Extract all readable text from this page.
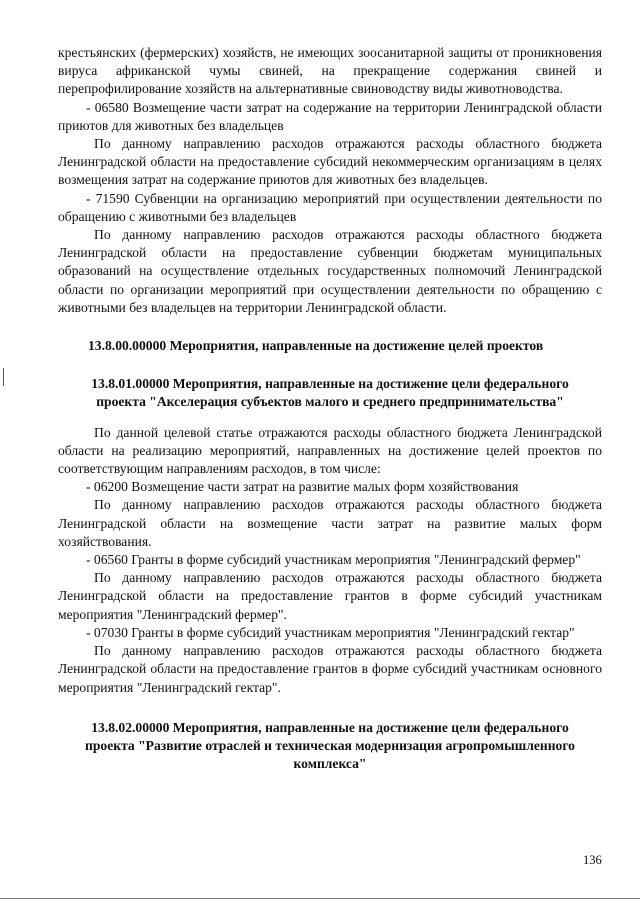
крестьянских (фермерских) хозяйств, не имеющих зоосанитарной защиты от проникновения вируса африканской чумы свиней, на прекращение содержания свиней и перепрофилирование хозяйств на альтернативные свиноводству виды животноводства.

- 06580 Возмещение части затрат на содержание на территории Ленинградской области приютов для животных без владельцев

По данному направлению расходов отражаются расходы областного бюджета Ленинградской области на предоставление субсидий некоммерческим организациям в целях возмещения затрат на содержание приютов для животных без владельцев.

- 71590 Субвенции на организацию мероприятий при осуществлении деятельности по обращению с животными без владельцев

По данному направлению расходов отражаются расходы областного бюджета Ленинградской области на предоставление субвенции бюджетам муниципальных образований на осуществление отдельных государственных полномочий Ленинградской области по организации мероприятий при осуществлении деятельности по обращению с животными без владельцев на территории Ленинградской области.

13.8.00.00000 Мероприятия, направленные на достижение целей проектов
13.8.01.00000 Мероприятия, направленные на достижение цели федерального проекта "Акселерация субъектов малого и среднего предпринимательства"

По данной целевой статье отражаются расходы областного бюджета Ленинградской области на реализацию мероприятий, направленных на достижение целей проектов по соответствующим направлениям расходов, в том числе:

- 06200 Возмещение части затрат на развитие малых форм хозяйствования

По данному направлению расходов отражаются расходы областного бюджета Ленинградской области на возмещение части затрат на развитие малых форм хозяйствования.

- 06560 Гранты в форме субсидий участникам мероприятия "Ленинградский фермер"

По данному направлению расходов отражаются расходы областного бюджета Ленинградской области на предоставление грантов в форме субсидий участникам мероприятия "Ленинградский фермер".

- 07030 Гранты в форме субсидий участникам мероприятия "Ленинградский гектар"

По данному направлению расходов отражаются расходы областного бюджета Ленинградской области на предоставление грантов в форме субсидий участникам основного мероприятия "Ленинградский гектар".

13.8.02.00000 Мероприятия, направленные на достижение цели федерального проекта "Развитие отраслей и техническая модернизация агропромышленного комплекса"
136
